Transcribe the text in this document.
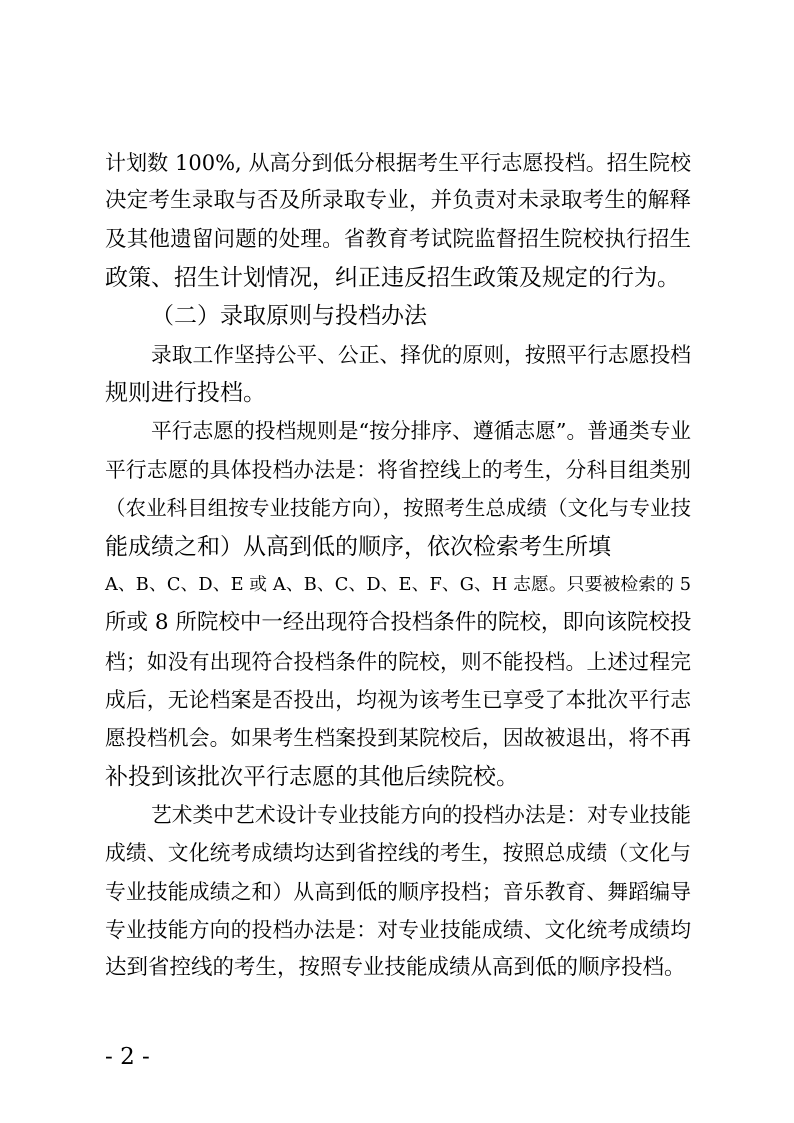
计划数 100%, 从高分到低分根据考生平行志愿投档。招生院校
决定考生录取与否及所录取专业，并负责对未录取考生的解释
及其他遗留问题的处理。省教育考试院监督招生院校执行招生
政策、招生计划情况，纠正违反招生政策及规定的行为。
（二）录取原则与投档办法
录取工作坚持公平、公正、择优的原则，按照平行志愿投档
规则进行投档。
平行志愿的投档规则是“按分排序、遵循志愿”。普通类专业
平行志愿的具体投档办法是：将省控线上的考生，分科目组类别
（农业科目组按专业技能方向），按照考生总成绩（文化与专业技
能成绩之和）从高到低的顺序，依次检索考生所填
A、B、C、D、E 或 A、B、C、D、E、F、G、H 志愿。只要被检索的 5
所或 8 所院校中一经出现符合投档条件的院校，即向该院校投
档；如没有出现符合投档条件的院校，则不能投档。上述过程完
成后，无论档案是否投出，均视为该考生已享受了本批次平行志
愿投档机会。如果考生档案投到某院校后，因故被退出，将不再
补投到该批次平行志愿的其他后续院校。
艺术类中艺术设计专业技能方向的投档办法是：对专业技能
成绩、文化统考成绩均达到省控线的考生，按照总成绩（文化与
专业技能成绩之和）从高到低的顺序投档；音乐教育、舞蹈编导
专业技能方向的投档办法是：对专业技能成绩、文化统考成绩均
达到省控线的考生，按照专业技能成绩从高到低的顺序投档。
- 2 -
